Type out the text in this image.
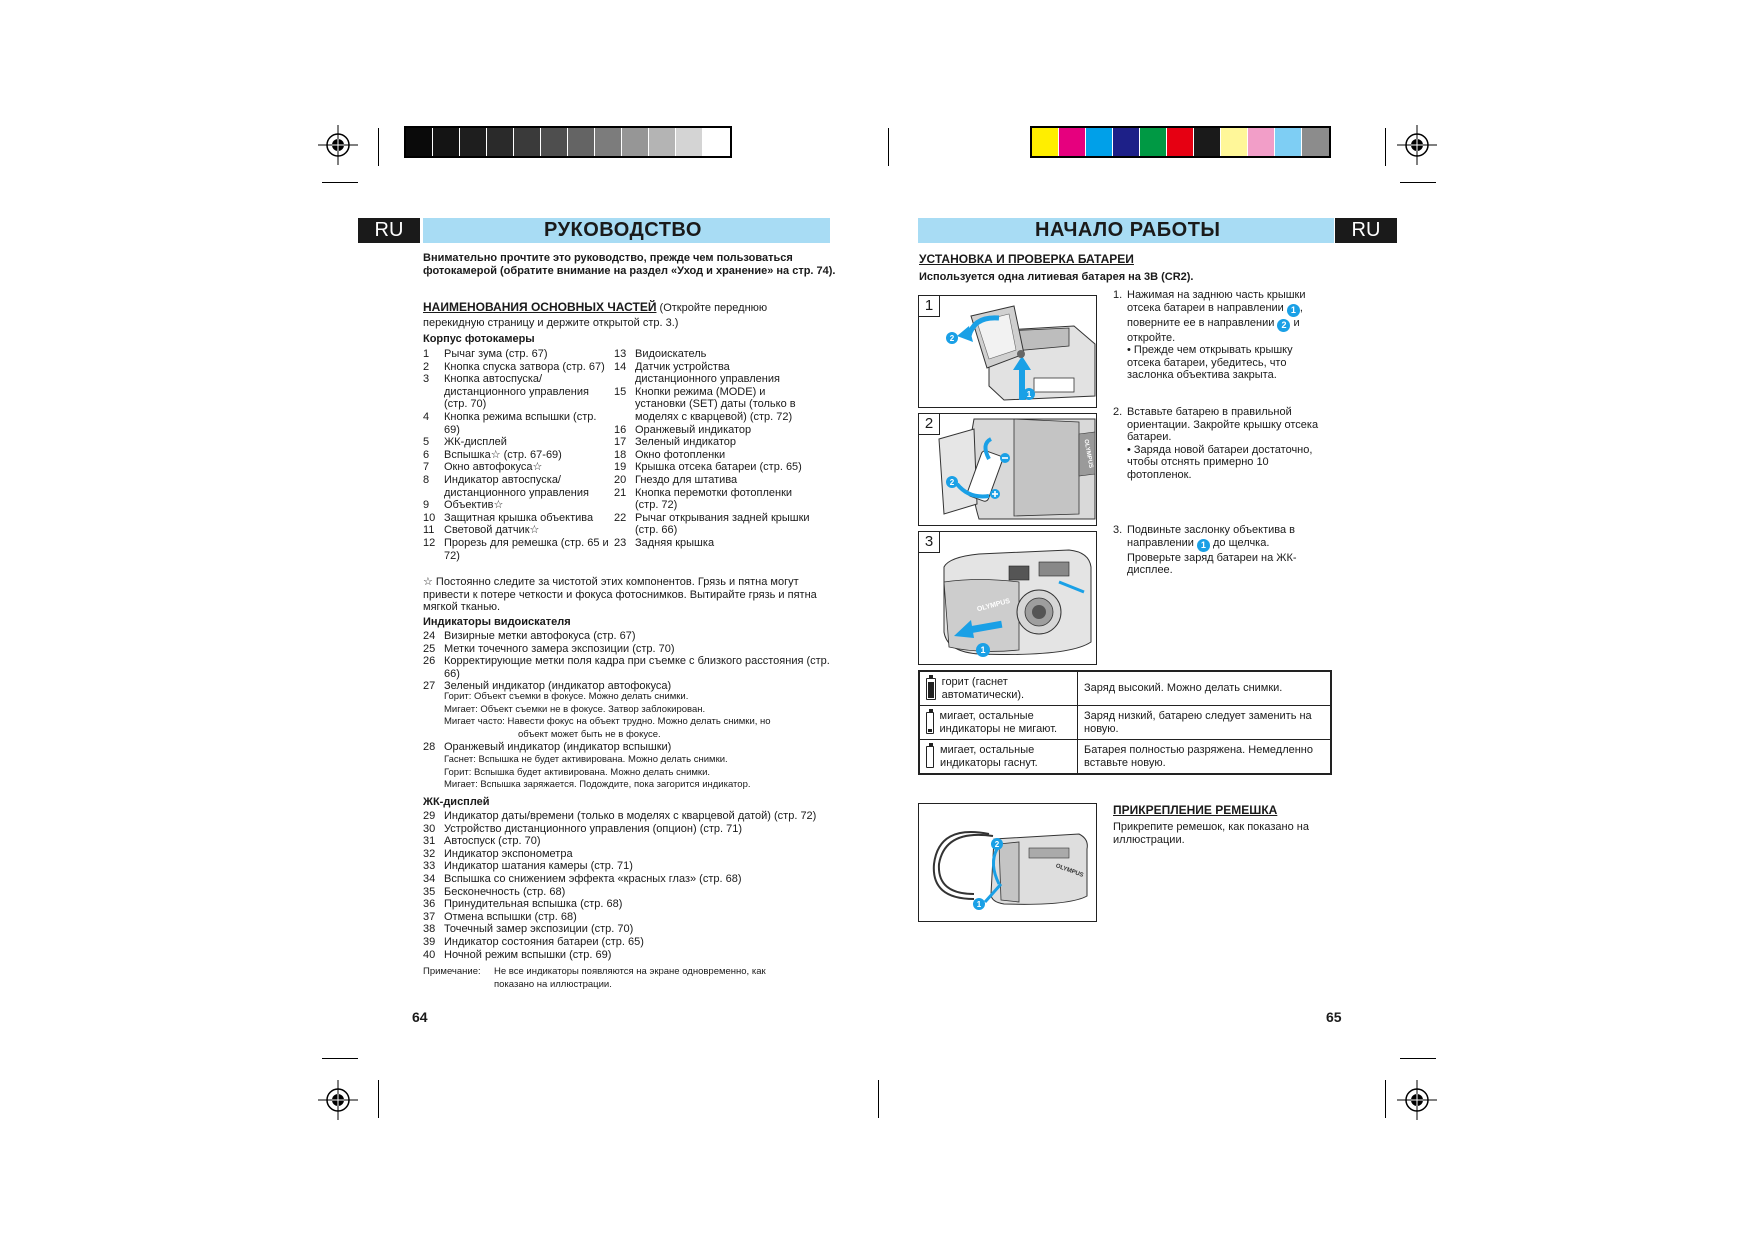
RU	РУКОВОДСТВО
Внимательно прочтите это руководство, прежде чем пользоваться фотокамерой (обратите внимание на раздел «Уход и хранение» на стр. 74).
НАИМЕНОВАНИЯ ОСНОВНЫХ ЧАСТЕЙ (Откройте переднюю перекидную страницу и держите открытой стр. 3.)
Корпус фотокамеры
1	Рычаг зума (стр. 67)
2	Кнопка спуска затвора (стр. 67)
3	Кнопка автоспуска/ дистанционного управления (стр. 70)
4	Кнопка режима вспышки (стр. 69)
5	ЖК-дисплей
6	Вспышка☆ (стр. 67-69)
7	Окно автофокуса☆
8	Индикатор автоспуска/ дистанционного управления
9	Объектив☆
10 Защитная крышка объектива
11 Световой датчик☆
12 Прорезь для ремешка (стр. 65 и 72)
13 Видоискатель
14 Датчик устройства дистанционного управления
15 Кнопки режима (MODE) и установки (SET) даты (только в моделях с кварцевой) (стр. 72)
16 Оранжевый индикатор
17 Зеленый индикатор
18 Окно фотопленки
19 Крышка отсека батареи (стр. 65)
20 Гнездо для штатива
21 Кнопка перемотки фотопленки (стр. 72)
22 Рычаг открывания задней крышки (стр. 66)
23 Задняя крышка
☆ Постоянно следите за чистотой этих компонентов. Грязь и пятна могут привести к потере четкости и фокуса фотоснимков. Вытирайте грязь и пятна мягкой тканью.
Индикаторы видоискателя
24 Визирные метки автофокуса (стр. 67)
25 Метки точечного замера экспозиции (стр. 70)
26 Корректирующие метки поля кадра при съемке с близкого расстояния (стр. 66)
27 Зеленый индикатор (индикатор автофокуса)
Горит: Объект съемки в фокусе. Можно делать снимки.
Мигает: Объект съемки не в фокусе. Затвор заблокирован.
Мигает часто: Навести фокус на объект трудно. Можно делать снимки, но
объект может быть не в фокусе.
28 Оранжевый индикатор (индикатор вспышки)
Гаснет: Вспышка не будет активирована. Можно делать снимки.
Горит: Вспышка будет активирована. Можно делать снимки.
Мигает: Вспышка заряжается. Подождите, пока загорится индикатор.
ЖК-дисплей
29 Индикатор даты/времени (только в моделях с кварцевой датой) (стр. 72)
30 Устройство дистанционного управления (опцион) (стр. 71)
31 Автоспуск (стр. 70)
32 Индикатор экспонометра
33 Индикатор шатания камеры (стр. 71)
34 Вспышка со снижением эффекта «красных глаз» (стр. 68)
35 Бесконечность (стр. 68)
36 Принудительная вспышка (стр. 68)
37 Отмена вспышки (стр. 68)
38 Точечный замер экспозиции (стр. 70)
39 Индикатор состояния батареи (стр. 65)
40 Ночной режим вспышки (стр. 69)
Примечание:	Не все индикаторы появляются на экране одновременно, как
показано на иллюстрации.
64
НАЧАЛО РАБОТЫ	RU
УСТАНОВКА И ПРОВЕРКА БАТАРЕИ
Используется одна литиевая батарея на 3В (CR2).
1
2
1
2
OLYMPUS
2
3
OLYMPUS
1
1. Нажимая на заднюю часть крышки отсека батареи в направлении 1 , поверните ее в направлении 2 и откройте.
• Прежде чем открывать крышку отсека батареи, убедитесь, что заслонка объектива закрыта.
2. Вставьте батарею в правильной ориентации. Закройте крышку отсека батареи.
• Заряда новой батареи достаточно, чтобы отснять примерно 10 фотопленок.
3. Подвиньте заслонку объектива в направлении 1 до щелчка. Проверьте заряд батареи на ЖК-дисплее.
горит (гаснет автоматически).	Заряд высокий. Можно делать снимки.

мигает, остальные индикаторы не мигают.	Заряд низкий, батарею следует заменить на новую.

мигает, остальные индикаторы гаснут.	Батарея полностью разряжена. Немедленно вставьте новую.
OLYMPUS
2
1
ПРИКРЕПЛЕНИЕ РЕМЕШКА
Прикрепите ремешок, как показано на иллюстрации.
65
